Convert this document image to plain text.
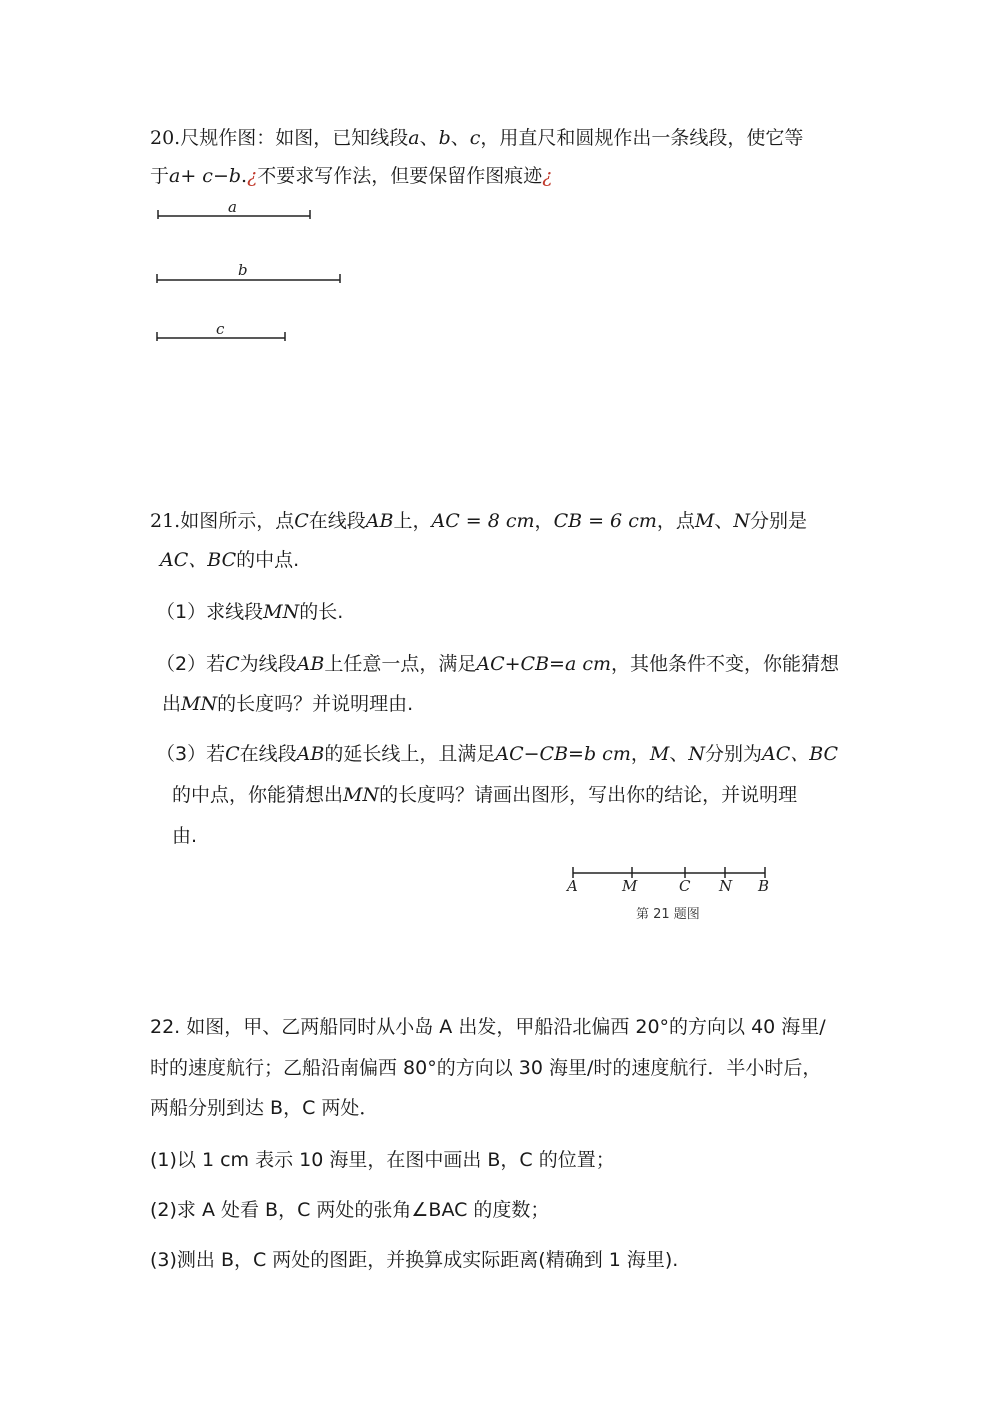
20.尺规作图：如图，已知线段a、b、c，用直尺和圆规作出一条线段，使它等
于a+ c−b.¿不要求写作法，但要保留作图痕迹¿
a
b
c
21.如图所示，点C在线段AB上，AC = 8 cm，CB = 6 cm，点M、N分别是
AC、BC的中点.
（1）求线段MN的长.
（2）若C为线段AB上任意一点，满足AC+CB=a cm，其他条件不变，你能猜想
出MN的长度吗？并说明理由.
（3）若C在线段AB的延长线上，且满足AC−CB=b cm，M、N分别为AC、BC
的中点，你能猜想出MN的长度吗？请画出图形，写出你的结论，并说明理
由.
A	M	C N B
第 21 题图
22. 如图，甲、乙两船同时从小岛 A 出发，甲船沿北偏西 20°的方向以 40 海里/
时的速度航行；乙船沿南偏西 80°的方向以 30 海里/时的速度航行．半小时后，
两船分别到达 B，C 两处．
(1)以 1 cm 表示 10 海里，在图中画出 B，C 的位置；
(2)求 A 处看 B，C 两处的张角∠BAC 的度数；
(3)测出 B，C 两处的图距，并换算成实际距离(精确到 1 海里).
